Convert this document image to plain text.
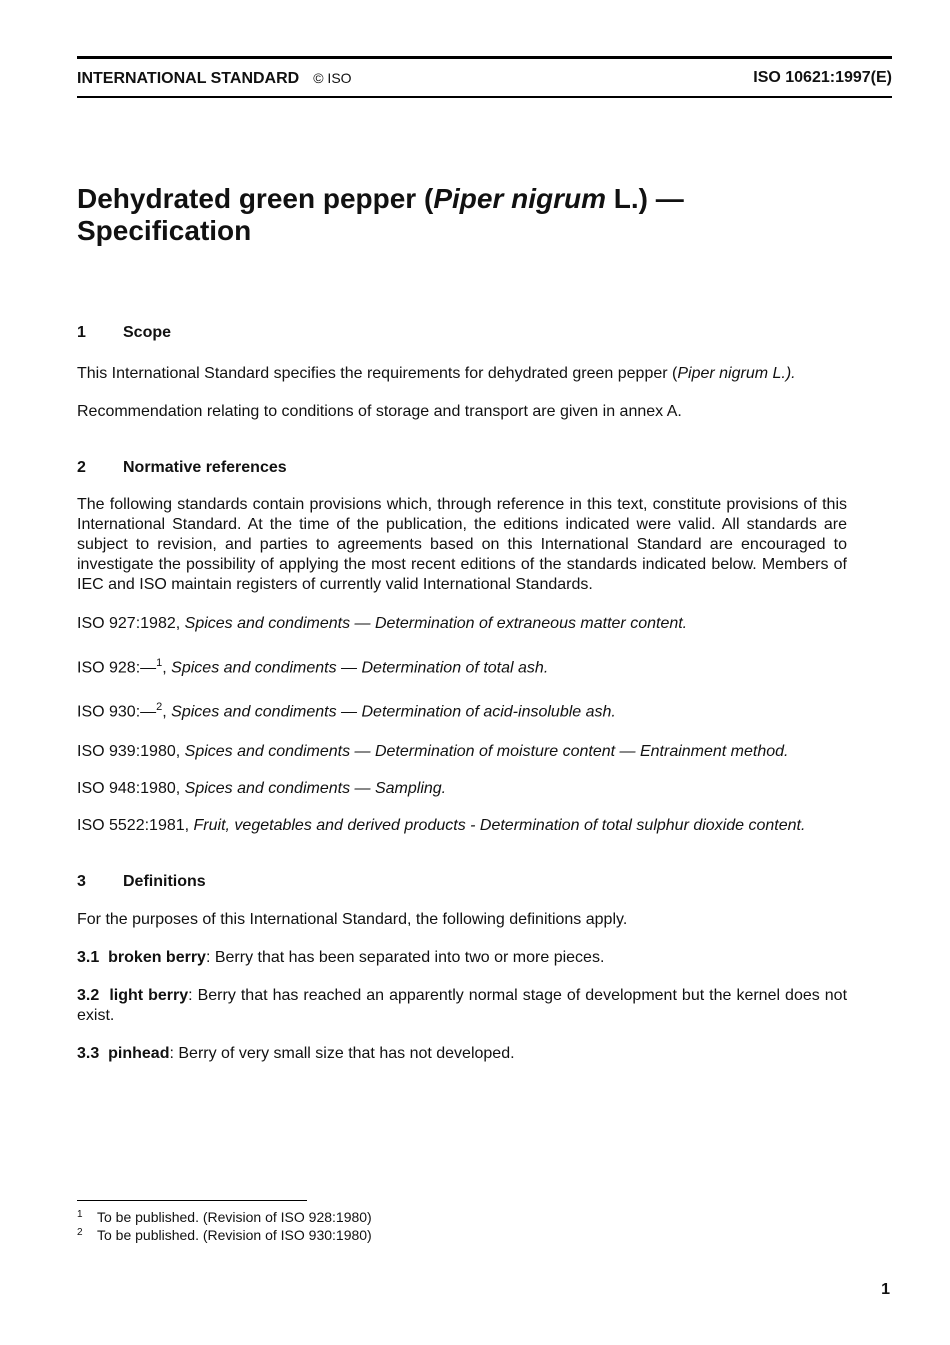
INTERNATIONAL STANDARD © ISO	ISO 10621:1997(E)
Dehydrated green pepper (Piper nigrum L.) —
Specification
1	Scope

This International Standard specifies the requirements for dehydrated green pepper (Piper nigrum L.).

Recommendation relating to conditions of storage and transport are given in annex A.

2	Normative references

The following standards contain provisions which, through reference in this text, constitute provisions of this International Standard. At the time of the publication, the editions indicated were valid. All standards are subject to revision, and parties to agreements based on this International Standard are encouraged to investigate the possibility of applying the most recent editions of the standards indicated below. Members of IEC and ISO maintain registers of currently valid International Standards.

ISO 927:1982, Spices and condiments — Determination of extraneous matter content.

ISO 928:—$^1$, Spices and condiments — Determination of total ash.

ISO 930:—$^2$, Spices and condiments — Determination of acid-insoluble ash.

ISO 939:1980, Spices and condiments — Determination of moisture content — Entrainment method.

ISO 948:1980, Spices and condiments — Sampling.

ISO 5522:1981, Fruit, vegetables and derived products - Determination of total sulphur dioxide content.

3	Definitions

For the purposes of this International Standard, the following definitions apply.

3.1 broken berry: Berry that has been separated into two or more pieces.

3.2 light berry: Berry that has reached an apparently normal stage of development but the kernel does not exist.

3.3 pinhead: Berry of very small size that has not developed.

$^1$ To be published. (Revision of ISO 928:1980)
$^2$ To be published. (Revision of ISO 930:1980)
1
